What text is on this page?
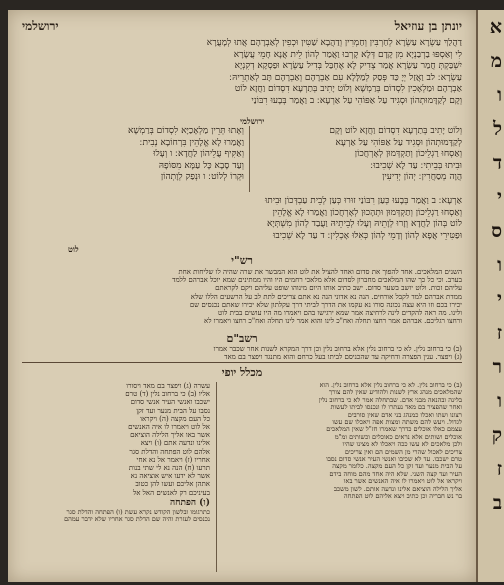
יונתן בן עוזיאל
ירושלמי
דַהֲלַךְ עַשְׂרָא עַשְׂרָא לְחַרְבִּין וְחַמְרִין וְדַהֲבָא שַׁטִּין וּכְפִין לְאַבְרָהָם אֲתוּ לְמָעֲרָא
לִי וְאַסְפּוּ בַרְבַנְיָא מִן קָדָם דְּלָא קָרְבוּ וַאֲמַר לְהוֹן לֵית אֲנָא חָמֵי עֲשָׂרָא
יִשְׁבַּקְתְּ חֲמַר עַשְׂרָא אֲמַר צְדִיק לָא אֶחְבַּל בְּדִיל עַשְׂרָא וּפַסְקָא דְקִנְיָא
עַשְׂרָא ׃ לב וַאֲזַל יְיָ כַּד פְּסַק לְמַלָּלָא עִם אַבְרָהָם וְאַבְרָהָם תָּב לְאַתְרֵיהּ ׃
אַבְרָהָם וּמַלְאָכִין לִסְדוֹם בְּרַמְשָׁא וְלוֹט יָתִיב בְּתַרְעָא דִסְדוֹם וַחֲזָא לוֹט
וְקָם לְקַדָּמוּתְהוֹן וּסְגִיד עַל אַפּוֹהִי עַל אַרְעָא ׃ ב וַאֲמַר בְּבָעוּ רִבּוֹנַי
ירושלמי
וְלוֹט יָתִיב בְּתַרְעָא דִסְדוֹם וַחֲזָא לוֹט וְקָם
לְקַדָּמוּתְהוֹן וּסְגִיד עַל אַפּוֹהִי עַל אַרְעָא
וְאַסְחוּ רַגְלֵיכוֹן וְתַקְדְּמוּן לְאָרְחֲכוֹן
וּבִיתוּ בְּבֵיתִי ׃ עַד לָא שְׁכִיבוּ ׃
הֲוָה מְסַחֲרִין ׃ יְהוֹן יְדִיעִין
וְאָתוּ תְּרֵין מַלְאָכַיָּא לִסְדוֹם בְּרַמְשָׁא
וַאֲמַרוּ לָא אֱלָהֵין בִּרְחוֹבָא נְבִית ׃
וְאַקִּיף עֲלֵיהוֹן לַחֲדָא ׃ ו וְעָלוּ
וְעַד סָבָא כָּל עַמָּא מִסּוֹפָהּ
וּקְרוֹ לְלוֹט ׃ ו וּנְפַק לְוָתְהוֹן
אַרְעָא ׃ ב וַאֲמַר בְּבָעוּ כְּעַן רִבּוֹנַי זוּרוּ כְּעַן לְבֵית עַבְדְּכוֹן וּבִיתוּ
וְאַסְחוּ רַגְלֵיכוֹן וְתַקְדְּמוּן וּתְהָכוּן לְאָרְחֲכוֹן וַאֲמַרוּ לָא אֱלָהֵין
לוֹט בְּהוֹן לַחֲדָא וְזָרוּ לְוָתֵיהּ וְעָלוּ לְבֵיתֵיהּ וַעֲבַד לְהוֹן מִשְׁתְּיָא
וּפַטִּירֵי אֲפָא לְהוֹן וְדָמֵי לְהוֹן כְּאִלּוּ אָכְלִין ׃ ד עַד לָא שְׁכִיבוּ
לוט
רש"י
השנים המלאכים. אחד להפוך את סדום ואחד להציל את לוט הוא המבשר את שרה שהיה לו שליחות אחת
בערב. וכי כל כך שהו המלאכים מחברון לסדום אלא מלאכי רחמים היו והיו ממתינים שמא יוכל אברהם ללמד
עליהם זכות. ולוט יושב בשער סדום. ישב כתיב אותו היום מינוהו שופט עליהם ויקם לקראתם
ממדת אברהם למד לקבל אורחים. הנה נא אדוני הנה נא אתם צריכים לתת לב על הרשעים הללו שלא
יכירו בכם וזו היא עצה נכונה סורו נא עקמו את הדרך לביתי דרך עקלתון שלא יכירו שאתם נכנסים שם
ולינו. מה ראה להקדים לינה לרחיצה אמר שמא ירגישו בהם ויאמרו מה היו עושים בבית לוט
ורחצו רגליכם. אברהם אמר רחצו תחלה ואח"כ לינו והוא אמר לינו תחלה ואח"כ רחצו ויאמרו לא
רשב"ם
(ב) כי ברחוב נלין. לא כי ברחוב נלין אלא ברחוב נלין וכן דרך המקרא לשנות אחר שכבר אמרו
(ג) ויפצר. ענין הפצרה ודחיקה עד שהכניסם לביתו בעל כרחם והוא מתנגד ויפצר בם מאד
מכלל יופי
(ב) כי ברחוב נלין. לא כי ברחוב נלין אלא ברחוב נלין. הוא
שהמלאכים מנהג ארץ לשנות ולהודיע שאין להם צורך
בלינה ובהנאה מבני אדם. שבתחלה אמר לא כי ברחוב נלין
ואחר שהפציר בם מאד נעתרו לו ונכנסו לביתו לעשות
רצונו ושתו ואכלו כמנהג בני אדם שאין סורבים
לגדול. ויעש להם משתה ומצות אפה ויאכלו שם עשו
עצמם כאלו אוכלים כדרך שאמרו חז"ל שאין המלאכים
אוכלים ושותים אלא נראים כאוכלים וכשותים ומ"מ
ולכן מלאכים לא עשו ככה ויאכלו לא מצינו שהיו
צריכים לאכול שהרי מן השמים הם ואין צריכים
טרם ישכבו. עד לא שכיבו ואנשי העיר אנשי סדום נסבו
על הבית מנער ועד זקן כל העם מקצה. כלומר מקצה
העיר ועד קצה השני. שלא היה אחד מהם מוחה בידם
ויקראו אל לוט ויאמרו לו איה האנשים אשר באו
אליך הלילה הוציאם אלינו ונדעה אותם. לשון משכב
בר נש חבריה וכן כתיב ויצא אליהם לוט הפתחה
עשרה (ג) ויפצר בם מאד ויסורו
אליו (ב) כי ברחוב נלין (ד) טרם
ישכבו ואנשי העיר אנשי סדום
נסבו על הבית מנער ועד זקן
כל העם מקצה (ה) ויקראו
אל לוט ויאמרו לו איה האנשים
אשר באו אליך הלילה הוציאם
אלינו ונדעה אתם (ו) ויצא
אלהם לוט הפתחה והדלת סגר
אחריו (ז) ויאמר אל נא אחי
תרעו (ח) הנה נא לי שתי בנות
אשר לא ידעו איש אוציאה נא
אתהן אליכם ועשו להן כטוב
בעיניכם רק לאנשים האל אל
(ו) הפתחה
כתרגומו ובלשון הקודש נקרא עשת (ו) הפתחה והדלת סגר
נכנסים לעזרת והיה שם הדלת סגר אחריו שלא ידבר עמהם
א
מ
ו
ל
ד
י
ס
ו
י
ז
ר
ו
ק
ז
ב
